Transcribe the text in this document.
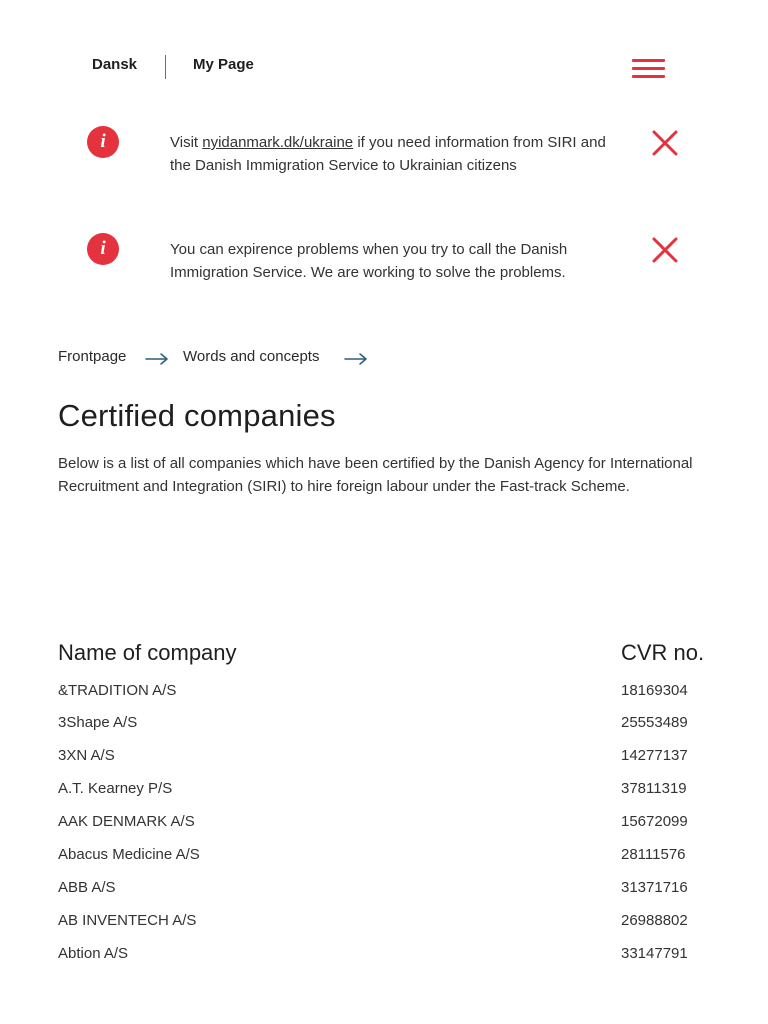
Dansk	My Page
i	Visit nyidanmark.dk/ukraine if you need information from SIRI and the Danish Immigration Service to Ukrainian citizens
i	You can expirence problems when you try to call the Danish Immigration Service. We are working to solve the problems.
Frontpage	Words and concepts
Certified companies

Below is a list of all companies which have been certified by the Danish Agency for International Recruitment and Integration (SIRI) to hire foreign labour under the Fast-track Scheme.

Name of company	CVR no.
&TRADITION A/S	18169304
3Shape A/S	25553489
3XN A/S	14277137
A.T. Kearney P/S	37811319
AAK DENMARK A/S	15672099
Abacus Medicine A/S	28111576
ABB A/S	31371716
AB INVENTECH A/S	26988802
Abtion A/S	33147791
